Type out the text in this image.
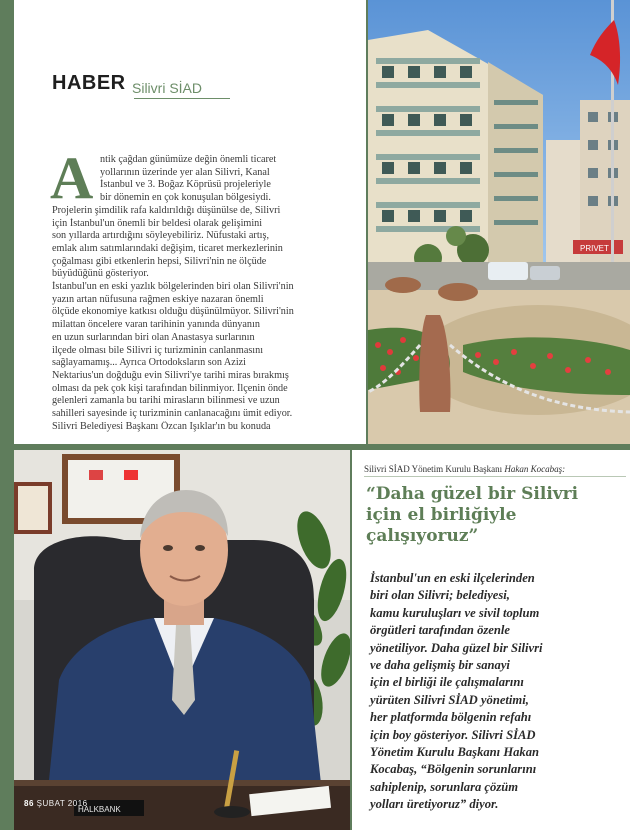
HABER Silivri SİAD
A ntik çağdan günümüze değin önemli ticaret
yollarının üzerinde yer alan Silivri, Kanal
İstanbul ve 3. Boğaz Köprüsü projeleriyle
bir dönemin en çok konuşulan bölgesiydi.
Projelerin şimdilik rafa kaldırıldığı düşünülse de, Silivri
için İstanbul'un önemli bir beldesi olarak gelişimini
son yıllarda artırdığını söyleyebiliriz. Nüfustaki artış,
emlak alım satımlarındaki değişim, ticaret merkezlerinin
çoğalması gibi etkenlerin hepsi, Silivri'nin ne ölçüde
büyüdüğünü gösteriyor.
İstanbul'un en eski yazlık bölgelerinden biri olan Silivri'nin
yazın artan nüfusuna rağmen eskiye nazaran önemli
ölçüde ekonomiye katkısı olduğu düşünülmüyor. Silivri'nin
milattan öncelere varan tarihinin yanında dünyanın
en uzun surlarından biri olan Anastasya surlarının
ilçede olması bile Silivri iç turizminin canlanmasını
sağlayamamış... Ayrıca Ortodoksların son Azizi
Nektarius'un doğduğu evin Silivri'ye tarihi miras bırakmış
olması da pek çok kişi tarafından bilinmiyor. İlçenin önde
gelenleri zamanla bu tarihi mirasların bilinmesi ve uzun
sahilleri sayesinde iç turizminin canlanacağını ümit ediyor.
Silivri Belediyesi Başkanı Özcan Işıklar'ın bu konuda
PRIVET
HALKBANK
Silivri SİAD Yönetim Kurulu Başkanı Hakan Kocabaş:
“Daha güzel bir Silivri
için el birliğiyle
çalışıyoruz”
İstanbul'un en eski ilçelerinden
biri olan Silivri; belediyesi,
kamu kuruluşları ve sivil toplum
örgütleri tarafından özenle
yönetiliyor. Daha güzel bir Silivri
ve daha gelişmiş bir sanayi
için el birliği ile çalışmalarını
yürüten Silivri SİAD yönetimi,
her platformda bölgenin refahı
için boy gösteriyor. Silivri SİAD
Yönetim Kurulu Başkanı Hakan
Kocabaş, “Bölgenin sorunlarını
sahiplenip, sorunlara çözüm
yolları üretiyoruz” diyor.
86 ŞUBAT 2016
